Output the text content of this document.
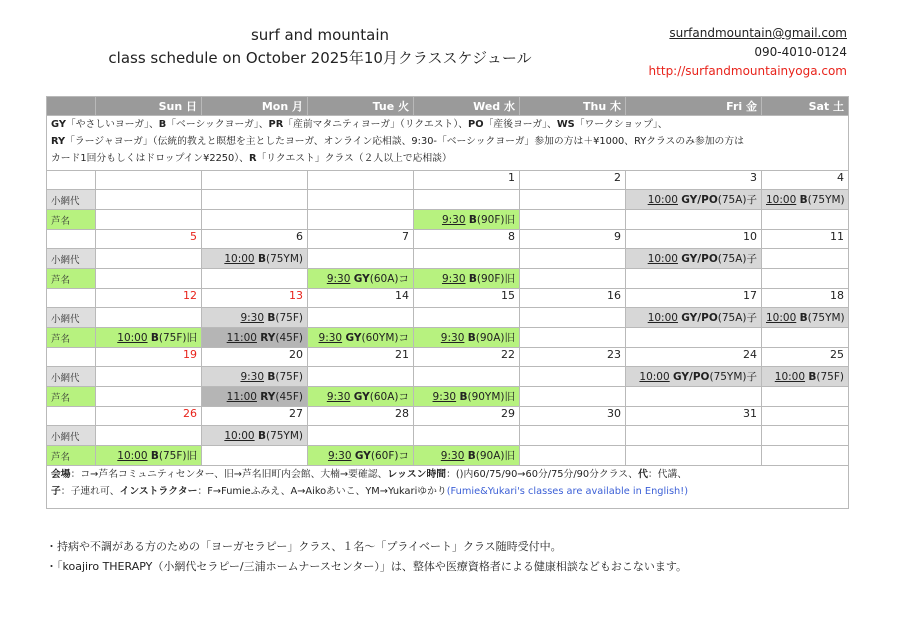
surf and mountain
class schedule on October 2025年10月クラススケジュール
surfandmountain@gmail.com
090-4010-0124
http://surfandmountainyoga.com
	Sun 日	Mon 月	Tue 火	Wed 水	Thu 木	Fri 金	Sat 土

GY「やさしいヨーガ」、B「ベーシックヨーガ」、PR「産前マタニティヨーガ」（リクエスト）、PO「産後ヨーガ」、WS「ワークショップ」、
RY「ラージャヨーガ」（伝統的教えと瞑想を主としたヨーガ、オンライン応相談、9:30-「ベーシックヨーガ」参加の方は＋¥1000、RYクラスのみ参加の方は
カード1回分もしくはドロップイン¥2250）、R「リクエスト」クラス（２人以上で応相談）							

				1	2	3	4
小網代						10:00 GY/PO(75A)子	10:00 B(75YM)
芦名				9:30 B(90F)旧			
	5	6	7	8	9	10	11
小網代		10:00 B(75YM)				10:00 GY/PO(75A)子	
芦名			9:30 GY(60A)コ	9:30 B(90F)旧			
	12	13	14	15	16	17	18
小網代		9:30 B(75F)				10:00 GY/PO(75A)子	10:00 B(75YM)
芦名	10:00 B(75F)旧	11:00 RY(45F)	9:30 GY(60YM)コ	9:30 B(90A)旧			
	19	20	21	22	23	24	25
小網代		9:30 B(75F)				10:00 GY/PO(75YM)子	10:00 B(75F)
芦名		11:00 RY(45F)	9:30 GY(60A)コ	9:30 B(90YM)旧			
	26	27	28	29	30	31	
小網代		10:00 B(75YM)					
芦名	10:00 B(75F)旧		9:30 GY(60F)コ	9:30 B(90A)旧			

会場：コ→芦名コミュニティセンター、旧→芦名旧町内会館、大楠→要確認、レッスン時間：()内60/75/90→60分/75分/90分クラス、代：代講、
子：子連れ可、インストラクター：F→Fumieふみえ、A→Aikoあいこ、YM→Yukariゆかり(Fumie&Yukari's classes are available in English!)							
・持病や不調がある方のための「ヨーガセラピー」クラス、１名〜「プライベート」クラス随時受付中。
・「koajiro THERAPY（小網代セラピー/三浦ホームナースセンター）」は、整体や医療資格者による健康相談などもおこないます。
